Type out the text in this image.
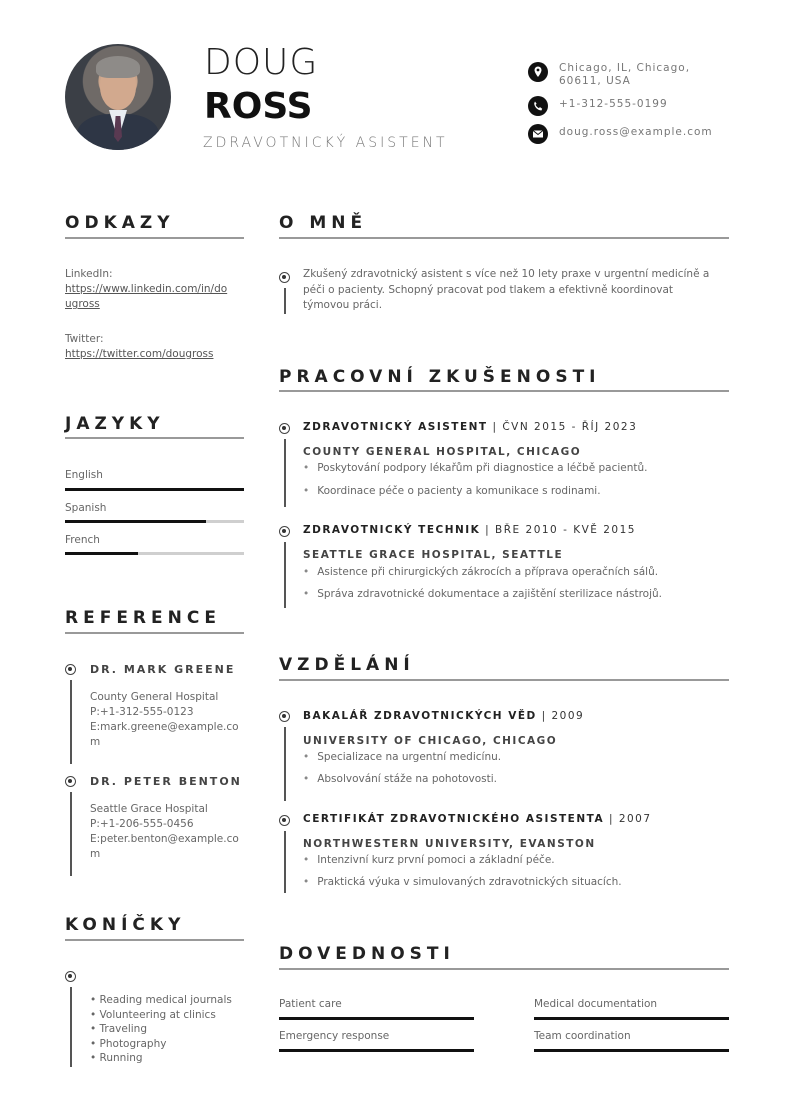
DOUG
ROSS
ZDRAVOTNICKÝ ASISTENT
Chicago, IL, Chicago,
60611, USA
+1-312-555-0199
doug.ross@example.com
ODKAZY
LinkedIn:
https://www.linkedin.com/in/do
ugross
Twitter:
https://twitter.com/dougross
JAZYKY
English
Spanish
French
REFERENCE
DR. MARK GREENE
County General Hospital
P:+1-312-555-0123
E:mark.greene@example.co
m
DR. PETER BENTON
Seattle Grace Hospital
P:+1-206-555-0456
E:peter.benton@example.co
m
KONÍČKY
• Reading medical journals
• Volunteering at clinics
• Traveling
• Photography
• Running
O MNĚ
Zkušený zdravotnický asistent s více než 10 lety praxe v urgentní medicíně a
péči o pacienty. Schopný pracovat pod tlakem a efektivně koordinovat
týmovou práci.
PRACOVNÍ ZKUŠENOSTI
ZDRAVOTNICKÝ ASISTENT | ČVN 2015 - ŘÍJ 2023
COUNTY GENERAL HOSPITAL, CHICAGO
• Poskytování podpory lékařům při diagnostice a léčbě pacientů.
• Koordinace péče o pacienty a komunikace s rodinami.
ZDRAVOTNICKÝ TECHNIK | BŘE 2010 - KVĚ 2015
SEATTLE GRACE HOSPITAL, SEATTLE
• Asistence při chirurgických zákrocích a příprava operačních sálů.
• Správa zdravotnické dokumentace a zajištění sterilizace nástrojů.
VZDĚLÁNÍ
BAKALÁŘ ZDRAVOTNICKÝCH VĚD | 2009
UNIVERSITY OF CHICAGO, CHICAGO
• Specializace na urgentní medicínu.
• Absolvování stáže na pohotovosti.
CERTIFIKÁT ZDRAVOTNICKÉHO ASISTENTA | 2007
NORTHWESTERN UNIVERSITY, EVANSTON
• Intenzivní kurz první pomoci a základní péče.
• Praktická výuka v simulovaných zdravotnických situacích.
DOVEDNOSTI
Patient care	Medical documentation
Emergency response	Team coordination
